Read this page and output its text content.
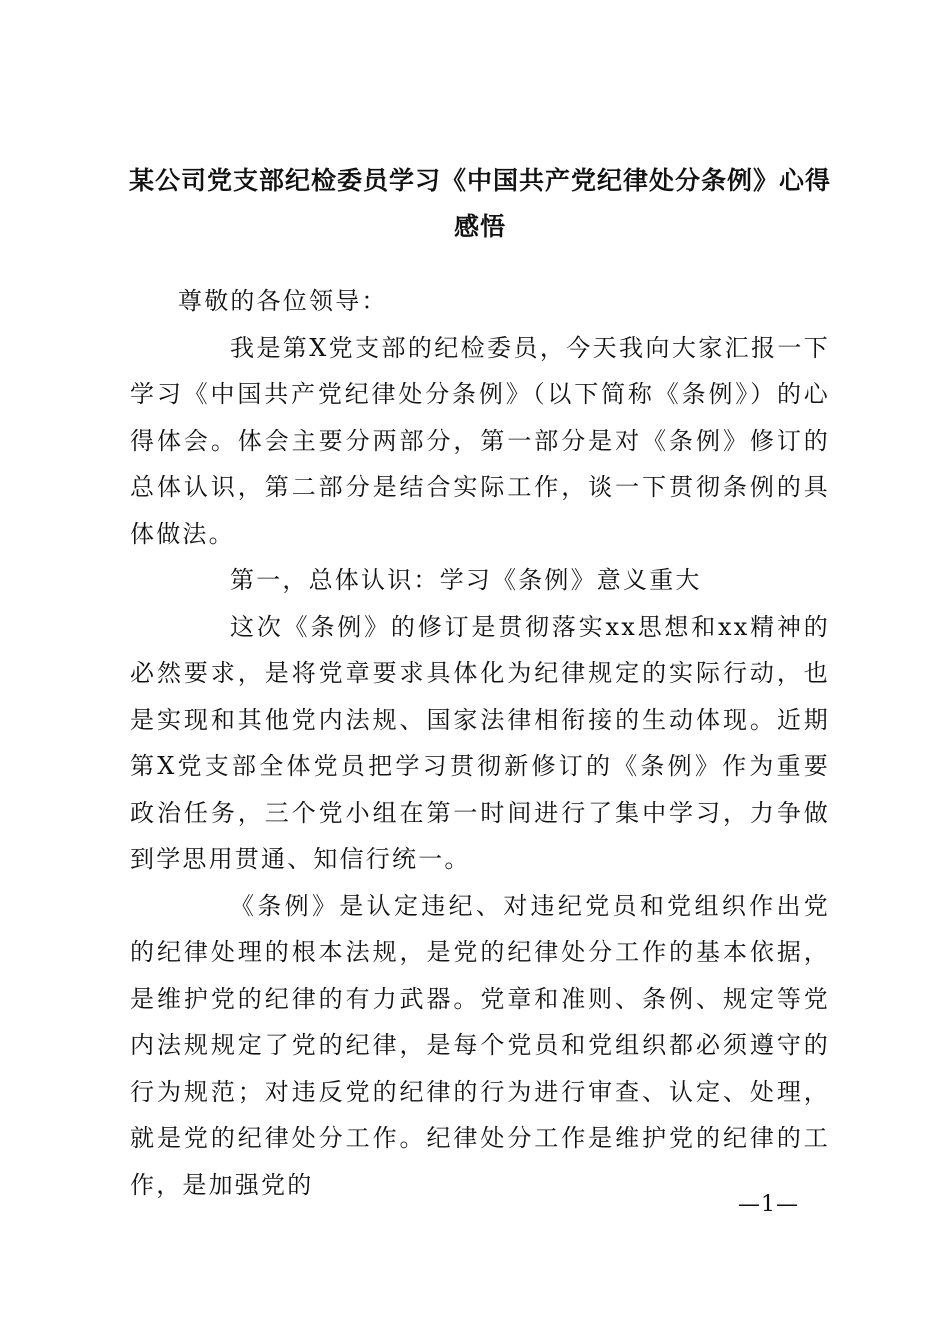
某公司党支部纪检委员学习《中国共产党纪律处分条例》心得感悟

尊敬的各位领导：

我是第X党支部的纪检委员，今天我向大家汇报一下学习《中国共产党纪律处分条例》（以下简称《条例》）的心得体会。体会主要分两部分，第一部分是对《条例》修订的总体认识，第二部分是结合实际工作，谈一下贯彻条例的具体做法。

第一，总体认识：学习《条例》意义重大

这次《条例》的修订是贯彻落实xx思想和xx精神的必然要求，是将党章要求具体化为纪律规定的实际行动，也是实现和其他党内法规、国家法律相衔接的生动体现。近期第X党支部全体党员把学习贯彻新修订的《条例》作为重要政治任务，三个党小组在第一时间进行了集中学习，力争做到学思用贯通、知信行统一。

《条例》是认定违纪、对违纪党员和党组织作出党的纪律处理的根本法规，是党的纪律处分工作的基本依据，是维护党的纪律的有力武器。党章和准则、条例、规定等党内法规规定了党的纪律，是每个党员和党组织都必须遵守的行为规范；对违反党的纪律的行为进行审查、认定、处理，就是党的纪律处分工作。纪律处分工作是维护党的纪律的工作，是加强党的

—1—
